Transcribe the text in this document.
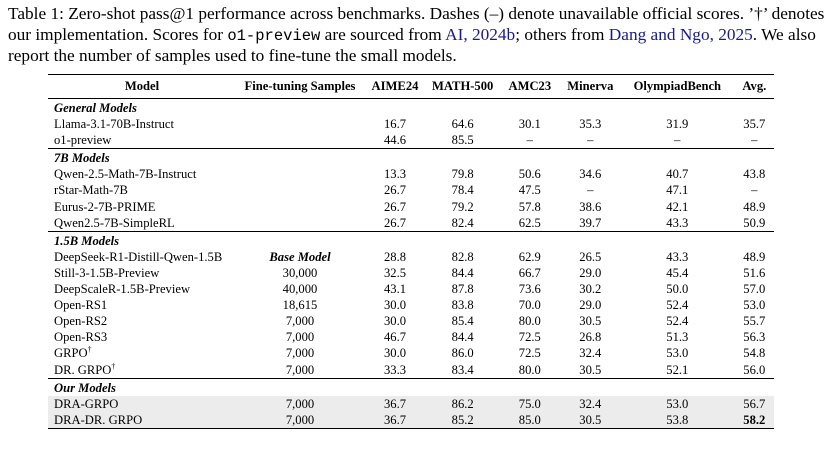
Table 1: Zero-shot pass@1 performance across benchmarks. Dashes (–) denote unavailable official scores. ’†’ denotes our implementation. Scores for o1-preview are sourced from AI, 2024b; others from Dang and Ngo, 2025. We also report the number of samples used to fine-tune the small models.
Model	Fine-tuning Samples	AIME24	MATH-500	AMC23	Minerva	OlympiadBench	Avg.
General Models							
Llama-3.1-70B-Instruct		16.7	64.6	30.1	35.3	31.9	35.7
o1-preview		44.6	85.5	–	–	–	–
7B Models							
Qwen-2.5-Math-7B-Instruct		13.3	79.8	50.6	34.6	40.7	43.8
rStar-Math-7B		26.7	78.4	47.5	–	47.1	–
Eurus-2-7B-PRIME		26.7	79.2	57.8	38.6	42.1	48.9
Qwen2.5-7B-SimpleRL		26.7	82.4	62.5	39.7	43.3	50.9
1.5B Models							
DeepSeek-R1-Distill-Qwen-1.5B	Base Model	28.8	82.8	62.9	26.5	43.3	48.9
Still-3-1.5B-Preview	30,000	32.5	84.4	66.7	29.0	45.4	51.6
DeepScaleR-1.5B-Preview	40,000	43.1	87.8	73.6	30.2	50.0	57.0
Open-RS1	18,615	30.0	83.8	70.0	29.0	52.4	53.0
Open-RS2	7,000	30.0	85.4	80.0	30.5	52.4	55.7
Open-RS3	7,000	46.7	84.4	72.5	26.8	51.3	56.3
GRPO†	7,000	30.0	86.0	72.5	32.4	53.0	54.8
DR. GRPO†	7,000	33.3	83.4	80.0	30.5	52.1	56.0
Our Models							
DRA-GRPO	7,000	36.7	86.2	75.0	32.4	53.0	56.7
DRA-DR. GRPO	7,000	36.7	85.2	85.0	30.5	53.8	58.2
